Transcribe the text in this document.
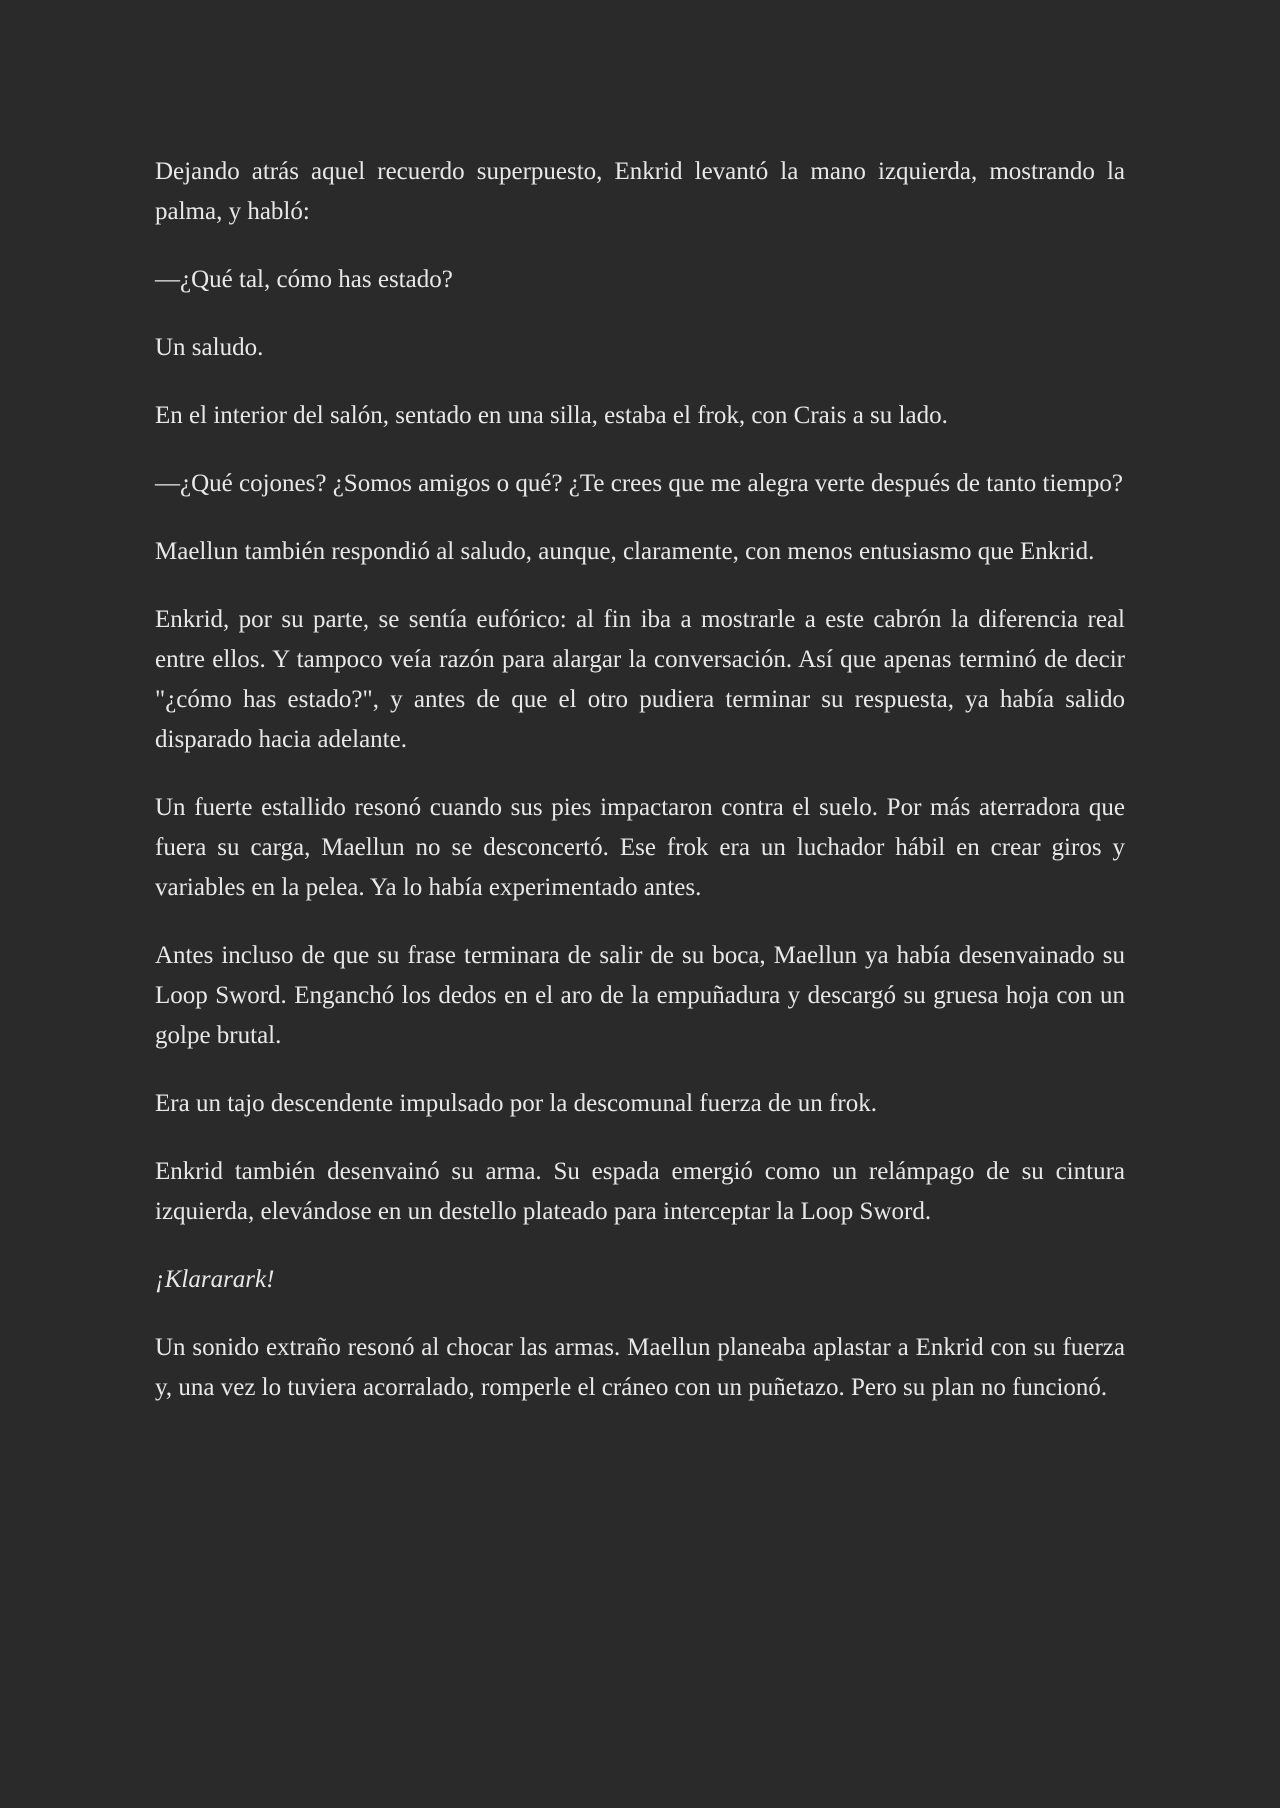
Dejando atrás aquel recuerdo superpuesto, Enkrid levantó la mano izquierda, mostrando la palma, y habló:

—¿Qué tal, cómo has estado?

Un saludo.

En el interior del salón, sentado en una silla, estaba el frok, con Crais a su lado.

—¿Qué cojones? ¿Somos amigos o qué? ¿Te crees que me alegra verte después de tanto tiempo?

Maellun también respondió al saludo, aunque, claramente, con menos entusiasmo que Enkrid.

Enkrid, por su parte, se sentía eufórico: al fin iba a mostrarle a este cabrón la diferencia real entre ellos. Y tampoco veía razón para alargar la conversación. Así que apenas terminó de decir "¿cómo has estado?", y antes de que el otro pudiera terminar su respuesta, ya había salido disparado hacia adelante.

Un fuerte estallido resonó cuando sus pies impactaron contra el suelo. Por más aterradora que fuera su carga, Maellun no se desconcertó. Ese frok era un luchador hábil en crear giros y variables en la pelea. Ya lo había experimentado antes.

Antes incluso de que su frase terminara de salir de su boca, Maellun ya había desenvainado su Loop Sword. Enganchó los dedos en el aro de la empuñadura y descargó su gruesa hoja con un golpe brutal.

Era un tajo descendente impulsado por la descomunal fuerza de un frok.

Enkrid también desenvainó su arma. Su espada emergió como un relámpago de su cintura izquierda, elevándose en un destello plateado para interceptar la Loop Sword.

¡Klararark!

Un sonido extraño resonó al chocar las armas. Maellun planeaba aplastar a Enkrid con su fuerza y, una vez lo tuviera acorralado, romperle el cráneo con un puñetazo. Pero su plan no funcionó.
